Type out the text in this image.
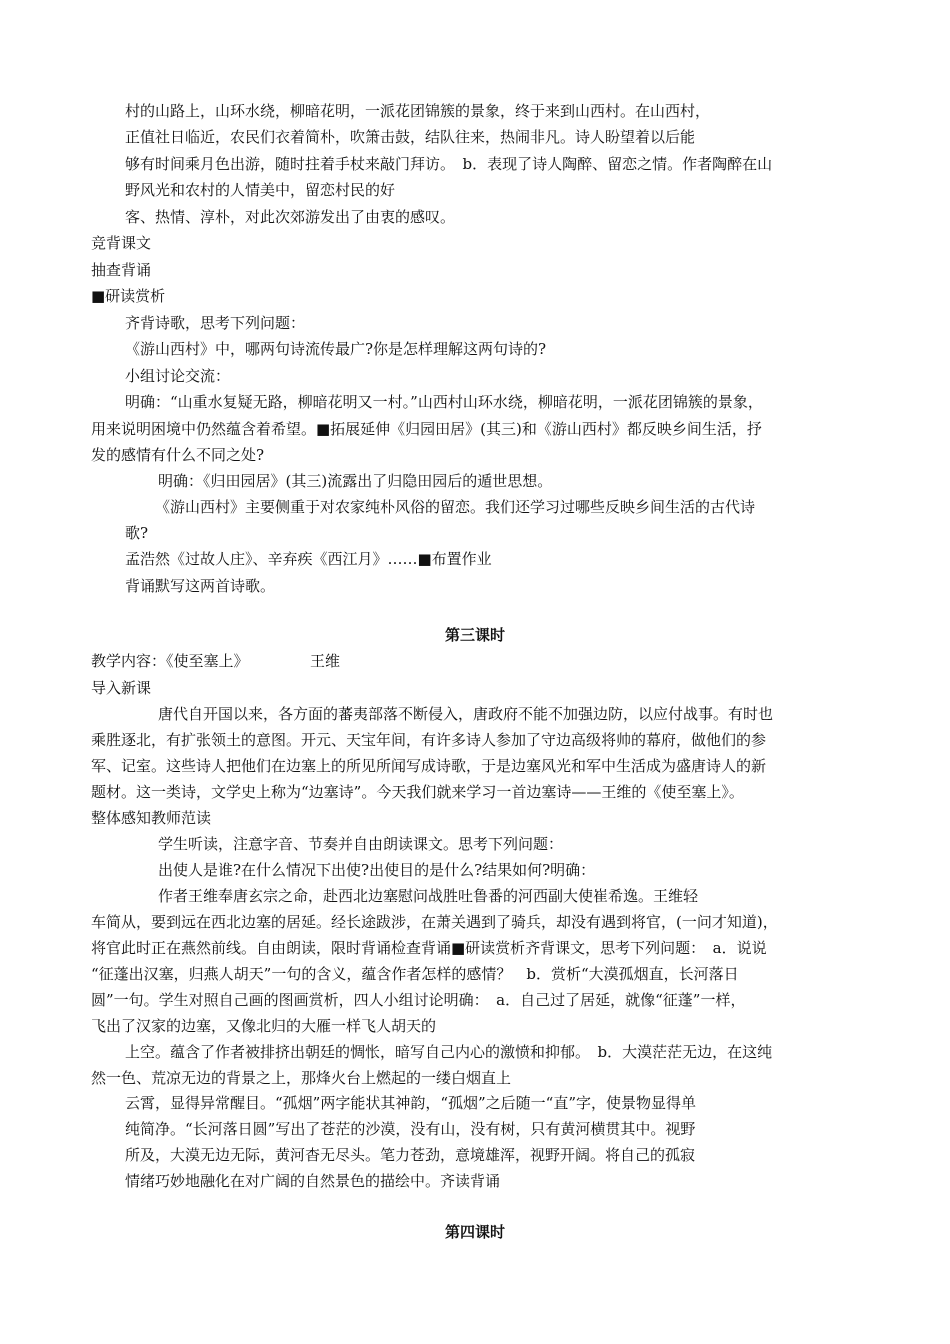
村的山路上，山环水绕，柳暗花明，一派花团锦簇的景象，终于来到山西村。在山西村，
正值社日临近，农民们衣着简朴，吹箫击鼓，结队往来，热闹非凡。诗人盼望着以后能
够有时间乘月色出游，随时拄着手杖来敲门拜访。　b．表现了诗人陶醉、留恋之情。作者陶醉在山
野风光和农村的人情美中，留恋村民的好
客、热情、淳朴，对此次郊游发出了由衷的感叹。
竞背课文
抽查背诵
■研读赏析
齐背诗歌，思考下列问题：
《游山西村》中，哪两句诗流传最广?你是怎样理解这两句诗的?
小组讨论交流：
明确：“山重水复疑无路，柳暗花明又一村。”山西村山环水绕，柳暗花明，一派花团锦簇的景象，
用来说明困境中仍然蕴含着希望。■拓展延伸《归园田居》(其三)和《游山西村》都反映乡间生活，抒
发的感情有什么不同之处?
明确：《归田园居》(其三)流露出了归隐田园后的遁世思想。
《游山西村》主要侧重于对农家纯朴风俗的留恋。我们还学习过哪些反映乡间生活的古代诗
歌?
孟浩然《过故人庄》、辛弃疾《西江月》……■布置作业
背诵默写这两首诗歌。
第三课时
教学内容：《使至塞上》	王维
导入新课
唐代自开国以来，各方面的蕃夷部落不断侵入，唐政府不能不加强边防，以应付战事。有时也
乘胜逐北，有扩张领土的意图。开元、天宝年间，有许多诗人参加了守边高级将帅的幕府，做他们的参
军、记室。这些诗人把他们在边塞上的所见所闻写成诗歌，于是边塞风光和军中生活成为盛唐诗人的新
题材。这一类诗，文学史上称为“边塞诗”。今天我们就来学习一首边塞诗——王维的《使至塞上》。
整体感知教师范读
学生听读，注意字音、节奏并自由朗读课文。思考下列问题：
出使人是谁?在什么情况下出使?出使目的是什么?结果如何?明确：
作者王维奉唐玄宗之命，赴西北边塞慰问战胜吐鲁番的河西副大使崔希逸。王维轻
车简从，要到远在西北边塞的居延。经长途跋涉，在萧关遇到了骑兵，却没有遇到将官，(一问才知道)，
将官此时正在燕然前线。自由朗读，限时背诵检查背诵■研读赏析齐背课文，思考下列问题：　a．说说
“征蓬出汉塞，归燕人胡天”一句的含义，蕴含作者怎样的感情？　b．赏析“大漠孤烟直，长河落日
圆”一句。学生对照自己画的图画赏析，四人小组讨论明确：　a．自己过了居延，就像“征蓬”一样，
飞出了汉家的边塞，又像北归的大雁一样飞人胡天的
上空。蕴含了作者被排挤出朝廷的惆怅，暗写自己内心的激愤和抑郁。　b．大漠茫茫无边，在这纯
然一色、荒凉无边的背景之上，那烽火台上燃起的一缕白烟直上
云霄，显得异常醒目。“孤烟”两字能状其神韵，“孤烟”之后随一“直”字，使景物显得单
纯简净。“长河落日圆”写出了苍茫的沙漠，没有山，没有树，只有黄河横贯其中。视野
所及，大漠无边无际，黄河杳无尽头。笔力苍劲，意境雄浑，视野开阔。将自己的孤寂
情绪巧妙地融化在对广阔的自然景色的描绘中。齐读背诵
第四课时
